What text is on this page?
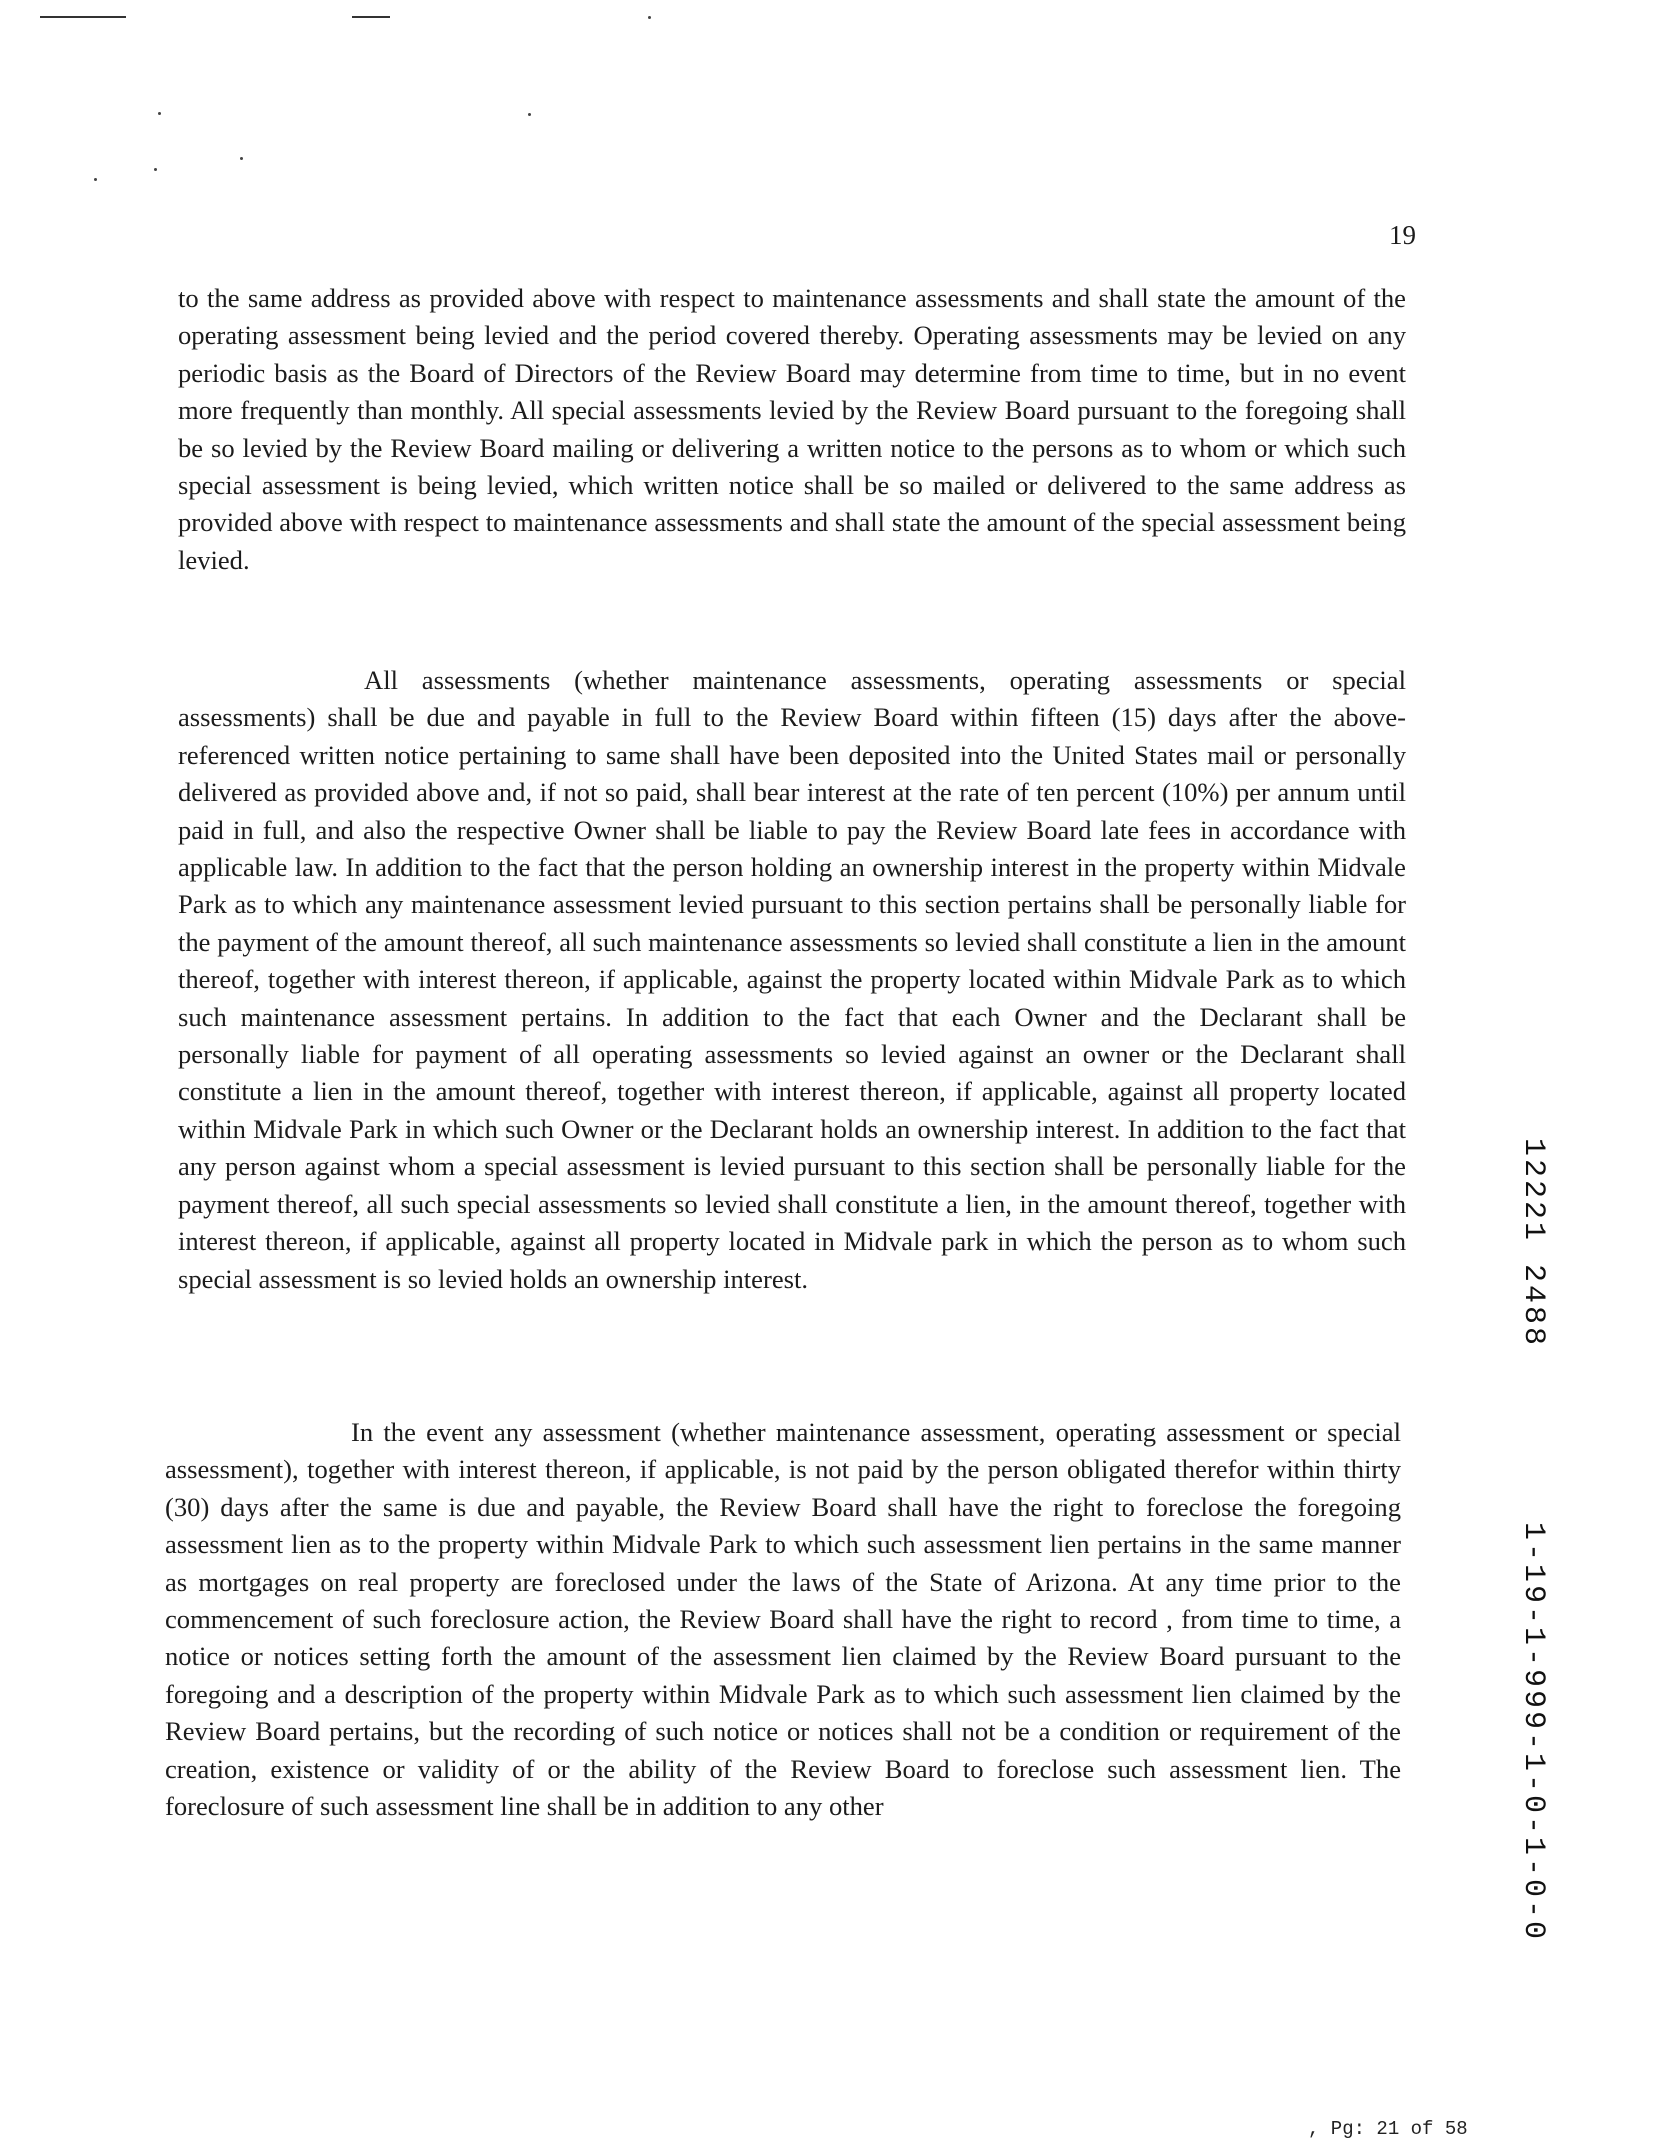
19

to the same address as provided above with respect to maintenance assessments and shall state the amount of the operating assessment being levied and the period covered thereby. Operating assessments may be levied on any periodic basis as the Board of Directors of the Review Board may determine from time to time, but in no event more frequently than monthly. All special assessments levied by the Review Board pursuant to the foregoing shall be so levied by the Review Board mailing or delivering a written notice to the persons as to whom or which such special assessment is being levied, which written notice shall be so mailed or delivered to the same address as provided above with respect to maintenance assessments and shall state the amount of the special assessment being levied.

All assessments (whether maintenance assessments, operating assessments or special assessments) shall be due and payable in full to the Review Board within fifteen (15) days after the above-referenced written notice pertaining to same shall have been deposited into the United States mail or personally delivered as provided above and, if not so paid, shall bear interest at the rate of ten percent (10%) per annum until paid in full, and also the respective Owner shall be liable to pay the Review Board late fees in accordance with applicable law. In addition to the fact that the person holding an ownership interest in the property within Midvale Park as to which any maintenance assessment levied pursuant to this section pertains shall be personally liable for the payment of the amount thereof, all such maintenance assessments so levied shall constitute a lien in the amount thereof, together with interest thereon, if applicable, against the property located within Midvale Park as to which such maintenance assessment pertains. In addition to the fact that each Owner and the Declarant shall be personally liable for payment of all operating assessments so levied against an owner or the Declarant shall constitute a lien in the amount thereof, together with interest thereon, if applicable, against all property located within Midvale Park in which such Owner or the Declarant holds an ownership interest. In addition to the fact that any person against whom a special assessment is levied pursuant to this section shall be personally liable for the payment thereof, all such special assessments so levied shall constitute a lien, in the amount thereof, together with interest thereon, if applicable, against all property located in Midvale park in which the person as to whom such special assessment is so levied holds an ownership interest.

In the event any assessment (whether maintenance assessment, operating assessment or special assessment), together with interest thereon, if applicable, is not paid by the person obligated therefor within thirty (30) days after the same is due and payable, the Review Board shall have the right to foreclose the foregoing assessment lien as to the property within Midvale Park to which such assessment lien pertains in the same manner as mortgages on real property are foreclosed under the laws of the State of Arizona. At any time prior to the commencement of such foreclosure action, the Review Board shall have the right to record , from time to time, a notice or notices setting forth the amount of the assessment lien claimed by the Review Board pursuant to the foregoing and a description of the property within Midvale Park as to which such assessment lien claimed by the Review Board pertains, but the recording of such notice or notices shall not be a condition or requirement of the creation, existence or validity of or the ability of the Review Board to foreclose such assessment lien. The foreclosure of such assessment line shall be in addition to any other

12221 2488
1-19-1-999-1-0-1-0-0
, Pg: 21 of 58
